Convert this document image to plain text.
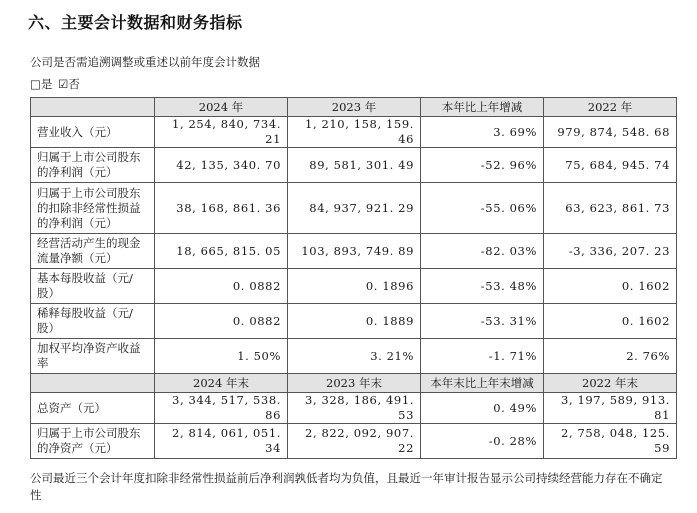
六、主要会计数据和财务指标
公司是否需追溯调整或重述以前年度会计数据
□是 ☑否
	2024 年	2023 年	本年比上年增减	2022 年
营业收入（元）	1, 254, 840, 734. 21	1, 210, 158, 159. 46	3. 69%	979, 874, 548. 68
归属于上市公司股东的净利润（元）	42, 135, 340. 70	89, 581, 301. 49	-52. 96%	75, 684, 945. 74
归属于上市公司股东的扣除非经常性损益的净利润（元）	38, 168, 861. 36	84, 937, 921. 29	-55. 06%	63, 623, 861. 73
经营活动产生的现金流量净额（元）	18, 665, 815. 05	103, 893, 749. 89	-82. 03%	-3, 336, 207. 23
基本每股收益（元/股）	0. 0882	0. 1896	-53. 48%	0. 1602
稀释每股收益（元/股）	0. 0882	0. 1889	-53. 31%	0. 1602
加权平均净资产收益率	1. 50%	3. 21%	-1. 71%	2. 76%
	2024 年末	2023 年末	本年末比上年末增减	2022 年末
总资产（元）	3, 344, 517, 538. 86	3, 328, 186, 491. 53	0. 49%	3, 197, 589, 913. 81
归属于上市公司股东的净资产（元）	2, 814, 061, 051. 34	2, 822, 092, 907. 22	-0. 28%	2, 758, 048, 125. 59
公司最近三个会计年度扣除非经常性损益前后净利润孰低者均为负值，且最近一年审计报告显示公司持续经营能力存在不确定性
